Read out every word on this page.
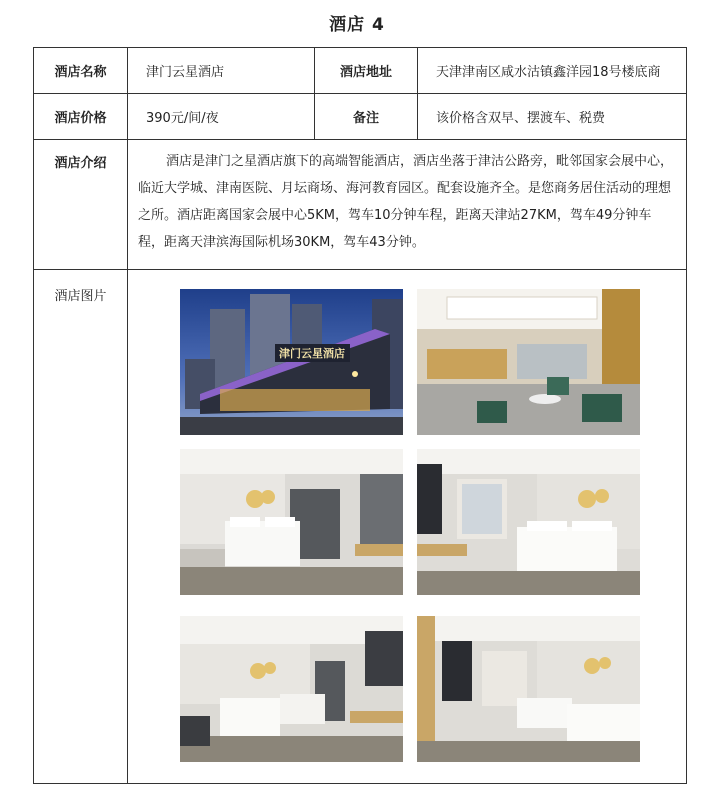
酒店 4
酒店名称	津门云星酒店	酒店地址	天津津南区咸水沽镇鑫洋园18号楼底商
酒店价格	390元/间/夜	备注	该价格含双早、摆渡车、税费
酒店介绍	酒店是津门之星酒店旗下的高端智能酒店，酒店坐落于津沽公路旁，毗邻国家会展中心，临近大学城、津南医院、月坛商场、海河教育园区。配套设施齐全。是您商务居住活动的理想之所。酒店距离国家会展中心5KM，驾车10分钟车程，距离天津站27KM，驾车49分钟车程，距离天津滨海国际机场30KM，驾车43分钟。		
酒店图片	津门云星酒店		
